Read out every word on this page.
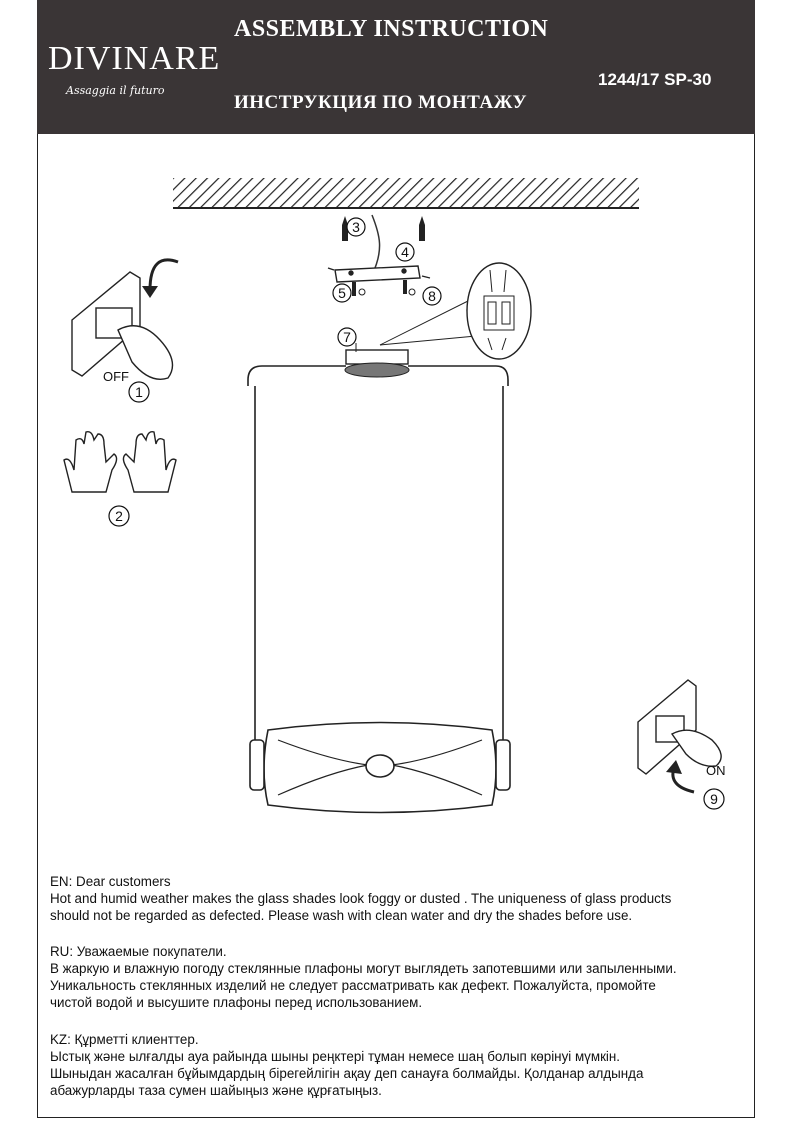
DIVINARE
Assaggia il futuro
ASSEMBLY INSTRUCTION
ИНСТРУКЦИЯ ПО МОНТАЖУ
1244/17 SP-30
1
2
3
4
5
7
8
9
OFF
ON

EN: Dear customers

Hot and humid weather makes the glass shades look foggy or dusted . The uniqueness of glass products

should not be regarded as defected. Please wash with clean water and dry the shades before use.

RU: Уважаемые покупатели.

В жаркую и влажную погоду стеклянные плафоны могут выглядеть запотевшими или запыленными.

Уникальность стеклянных изделий не следует рассматривать как дефект. Пожалуйста, промойте

чистой водой и высушите плафоны перед использованием.

KZ: Құрметті клиенттер.

Ыстық және ылғалды ауа райында шыны реңктері тұман немесе шаң болып көрінуі мүмкін.

Шыныдан жасалған бұйымдардың бірегейлігін ақау деп санауға болмайды. Қолданар алдында

абажурларды таза сумен шайыңыз және құрғатыңыз.
